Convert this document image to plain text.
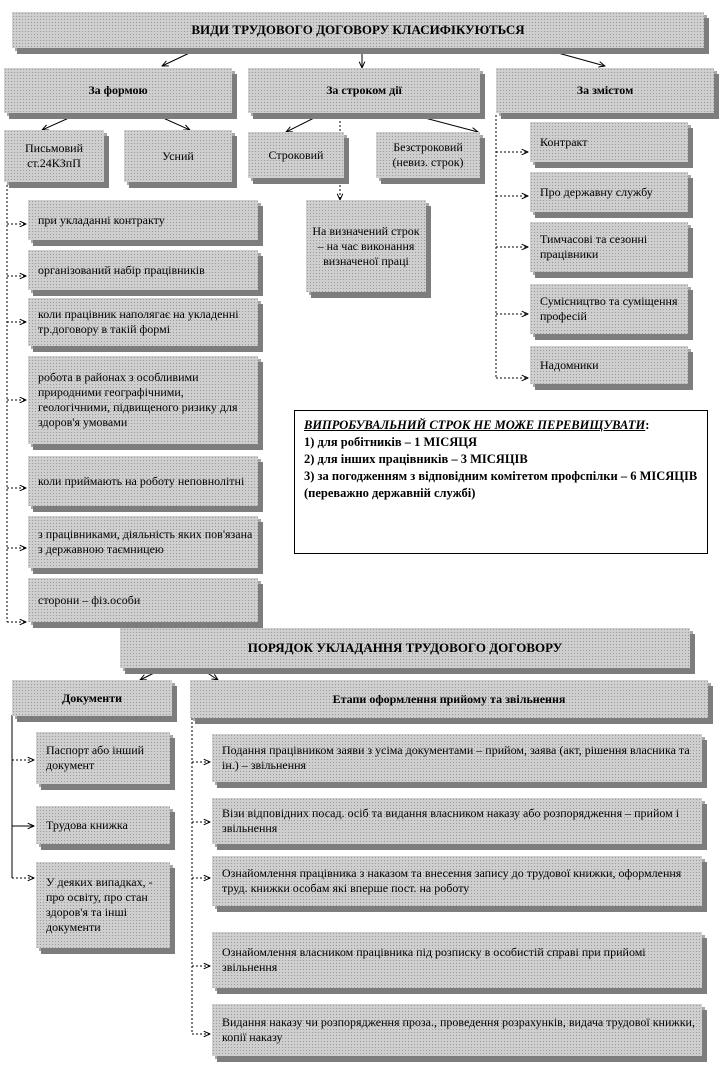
ВИДИ ТРУДОВОГО ДОГОВОРУ КЛАСИФІКУЮТЬСЯ
За формою	За строком дії	За змістом
Письмовий ст.24КЗпП
Усний	Строковий
Безстроковий (невиз. строк)
На визначений строк – на час виконання визначеної праці
при укладанні контракту
організований набір працівників
коли працівник наполягає на укладенні тр.договору в такій формі
робота в районах з особливими природними географічними, геологічними, підвищеного ризику для здоров'я умовами
коли приймають на роботу неповнолітні
з працівниками, діяльність яких пов'язана з державною таємницею
сторони – фіз.особи
Контракт
Про державну службу
Тимчасові та сезонні працівники
Сумісництво та суміщення професій
Надомники
ВИПРОБУВАЛЬНИЙ СТРОК НЕ МОЖЕ ПЕРЕВИЩУВАТИ:
1) для робітників – 1 МІСЯЦЯ
2) для інших працівників – 3 МІСЯЦІВ
3) за погодженням з відповідним комітетом профспілки – 6 МІСЯЦІВ (переважно державній службі)
ПОРЯДОК УКЛАДАННЯ ТРУДОВОГО ДОГОВОРУ
Документи	Етапи оформлення прийому та звільнення
Паспорт або інший документ
Трудова книжка
У деяких випадках, - про освіту, про стан здоров'я та інші документи
Подання працівником заяви з усіма документами – прийом, заява (акт, рішення власника та ін.) – звільнення
Візи відповідних посад. осіб та видання власником наказу або розпорядження – прийом і звільнення
Ознайомлення працівника з наказом та внесення запису до трудової книжки, оформлення труд. книжки особам які вперше пост. на роботу
Ознайомлення власником працівника під розписку в особистій справі при прийомі звільнення
Видання наказу чи розпорядження проза., проведення розрахунків, видача трудової книжки, копії наказу
